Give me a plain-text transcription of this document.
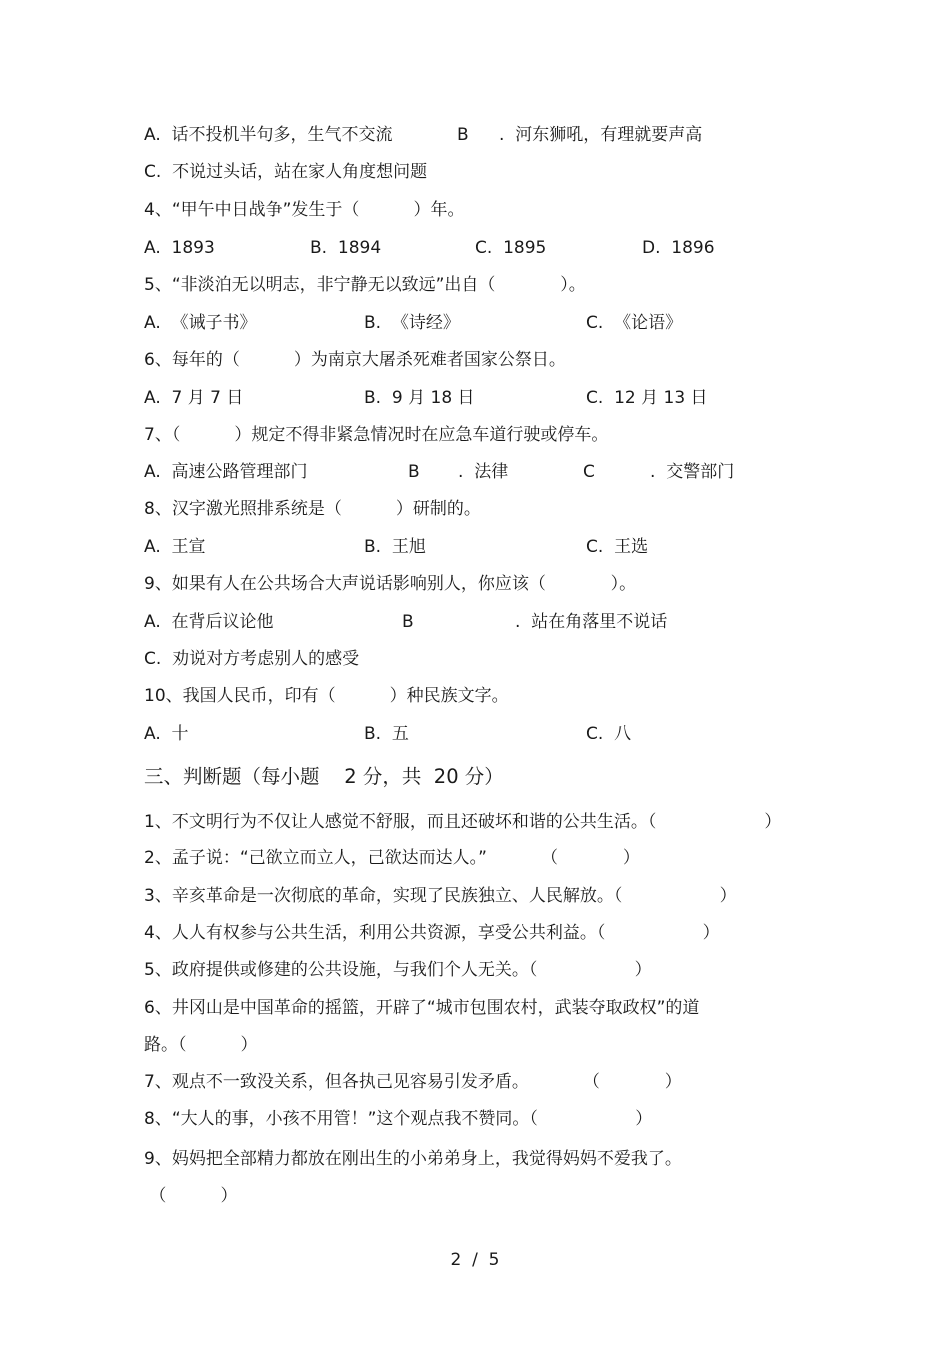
A.  话不投机半句多，生气不交流	B .  河东狮吼，有理就要声高
C.  不说过头话，站在家人角度想问题
4、“甲午中日战争”发生于（          ）年。
A.  1893	B.  1894	C.  1895	D.  1896
5、“非淡泊无以明志，非宁静无以致远”出自（            ）。
A.  《诫子书》	B.  《诗经》	C.  《论语》
6、每年的（          ）为南京大屠杀死难者国家公祭日。
A.  7 月 7 日	B.  9 月 18 日	C.  12 月 13 日
7、（          ）规定不得非紧急情况时在应急车道行驶或停车。
A.  高速公路管理部门	B .  法律	C	.  交警部门
8、汉字激光照排系统是（          ）研制的。
A.  王宣	B.  王旭	C.  王选
9、如果有人在公共场合大声说话影响别人，你应该（            ）。
A.  在背后议论他	B	.  站在角落里不说话
C.  劝说对方考虑别人的感受
10、我国人民币，印有（          ）种民族文字。
A.  十	B.  五	C.  八
三、判断题（每小题    2 分，共  20 分）
1、不文明行为不仅让人感觉不舒服，而且还破坏和谐的公共生活。（                    ）
2、孟子说：“己欲立而立人，己欲达而达人。”          （            ）
3、辛亥革命是一次彻底的革命，实现了民族独立、人民解放。（                  ）
4、人人有权参与公共生活，利用公共资源，享受公共利益。（                  ）
5、政府提供或修建的公共设施，与我们个人无关。（                  ）
6、井冈山是中国革命的摇篮，开辟了“城市包围农村，武装夺取政权”的道
路。（          ）
7、观点不一致没关系，但各执己见容易引发矛盾。          （            ）
8、“大人的事，小孩不用管！”这个观点我不赞同。（                  ）
9、妈妈把全部精力都放在刚出生的小弟弟身上，我觉得妈妈不爱我了。
（          ）
2  /  5
